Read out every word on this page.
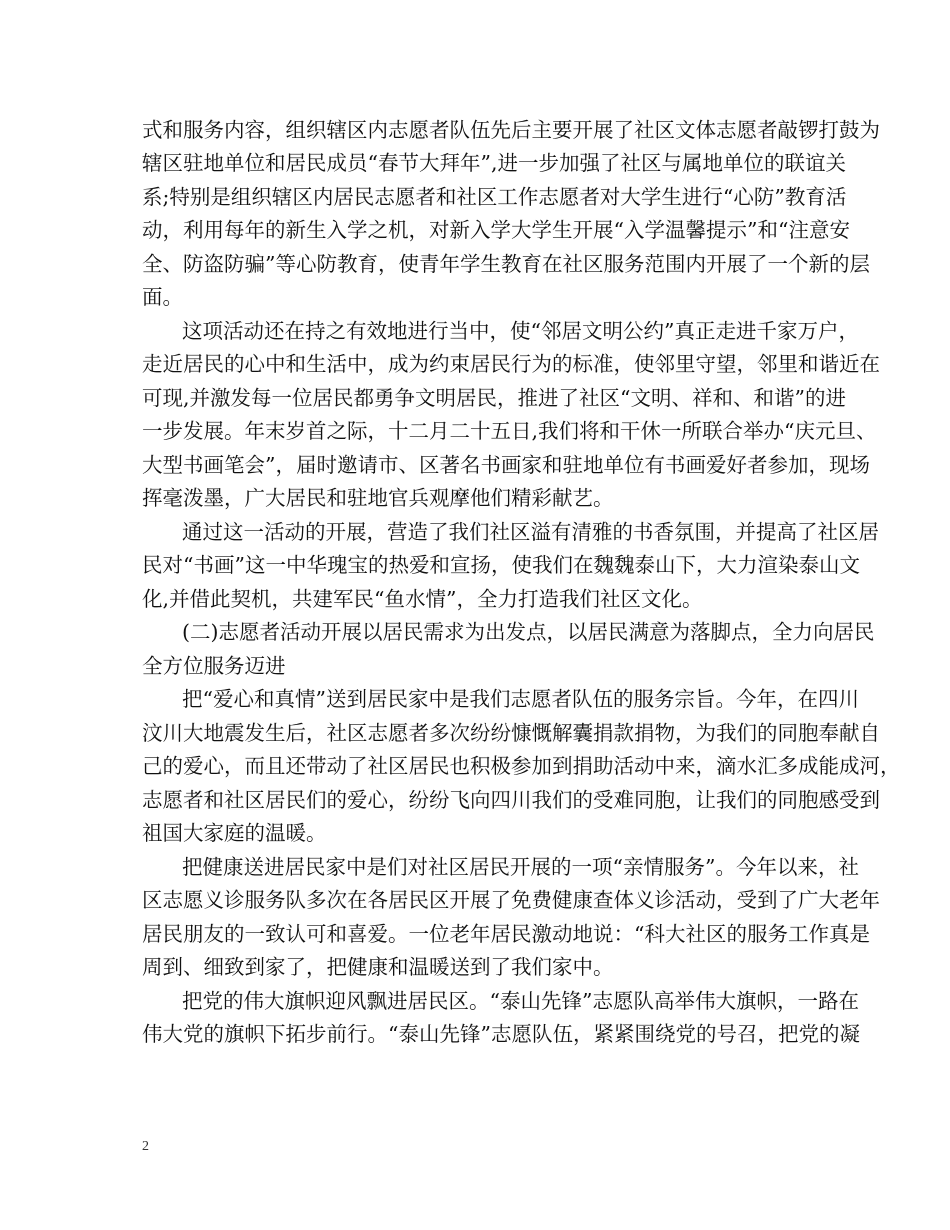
式和服务内容，组织辖区内志愿者队伍先后主要开展了社区文体志愿者敲锣打鼓为

辖区驻地单位和居民成员“春节大拜年”,进一步加强了社区与属地单位的联谊关

系;特别是组织辖区内居民志愿者和社区工作志愿者对大学生进行“心防”教育活

动，利用每年的新生入学之机，对新入学大学生开展“入学温馨提示”和“注意安

全、防盗防骗”等心防教育，使青年学生教育在社区服务范围内开展了一个新的层

面。

这项活动还在持之有效地进行当中，使“邻居文明公约”真正走进千家万户，

走近居民的心中和生活中，成为约束居民行为的标准，使邻里守望，邻里和谐近在

可现,并激发每一位居民都勇争文明居民，推进了社区“文明、祥和、和谐”的进

一步发展。年末岁首之际，十二月二十五日,我们将和干休一所联合举办“庆元旦、

大型书画笔会”，届时邀请市、区著名书画家和驻地单位有书画爱好者参加，现场

挥毫泼墨，广大居民和驻地官兵观摩他们精彩献艺。

通过这一活动的开展，营造了我们社区溢有清雅的书香氛围，并提高了社区居

民对“书画”这一中华瑰宝的热爱和宣扬，使我们在魏魏泰山下，大力渲染泰山文

化,并借此契机，共建军民“鱼水情”，全力打造我们社区文化。

(二)志愿者活动开展以居民需求为出发点，以居民满意为落脚点，全力向居民

全方位服务迈进

把“爱心和真情”送到居民家中是我们志愿者队伍的服务宗旨。今年，在四川

汶川大地震发生后，社区志愿者多次纷纷慷慨解囊捐款捐物，为我们的同胞奉献自

己的爱心，而且还带动了社区居民也积极参加到捐助活动中来，滴水汇多成能成河，

志愿者和社区居民们的爱心，纷纷飞向四川我们的受难同胞，让我们的同胞感受到

祖国大家庭的温暖。

把健康送进居民家中是们对社区居民开展的一项“亲情服务”。今年以来，社

区志愿义诊服务队多次在各居民区开展了免费健康查体义诊活动，受到了广大老年

居民朋友的一致认可和喜爱。一位老年居民激动地说：“科大社区的服务工作真是

周到、细致到家了，把健康和温暖送到了我们家中。

把党的伟大旗帜迎风飘进居民区。“泰山先锋”志愿队高举伟大旗帜，一路在

伟大党的旗帜下拓步前行。“泰山先锋”志愿队伍，紧紧围绕党的号召，把党的凝

2
